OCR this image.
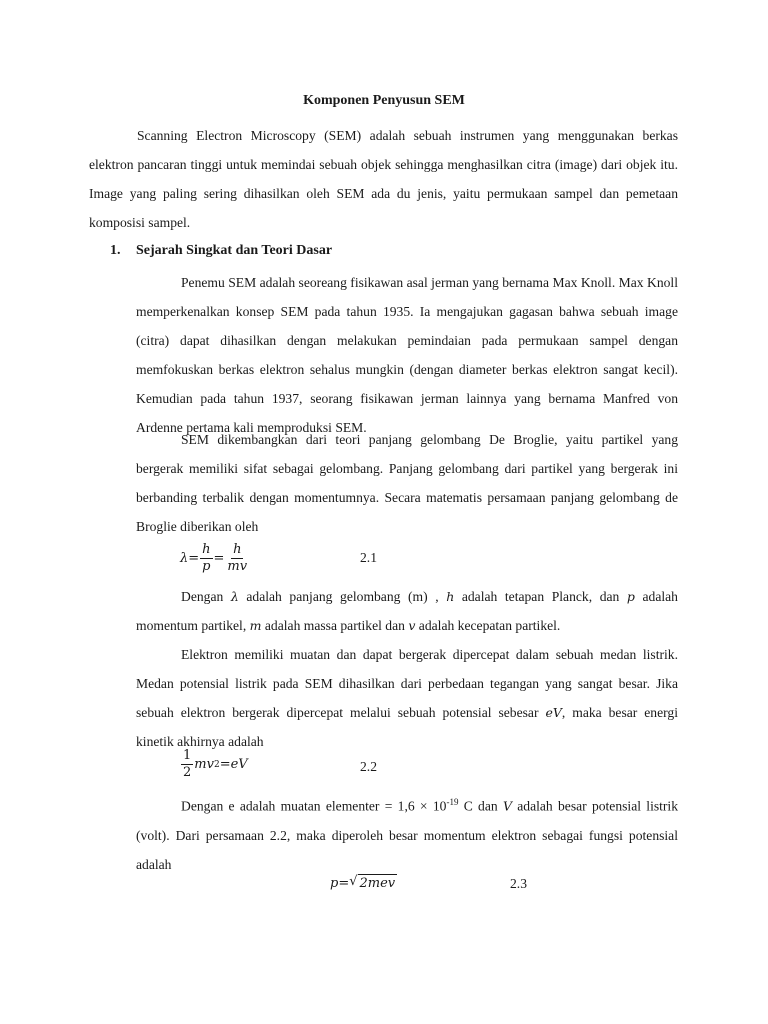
Komponen Penyusun SEM

Scanning Electron Microscopy (SEM) adalah sebuah instrumen yang menggunakan berkas elektron pancaran tinggi untuk memindai sebuah objek sehingga menghasilkan citra (image) dari objek itu. Image yang paling sering dihasilkan oleh SEM ada du jenis, yaitu permukaan sampel dan pemetaan komposisi sampel.

1. Sejarah Singkat dan Teori Dasar

Penemu SEM adalah seoreang fisikawan asal jerman yang bernama Max Knoll. Max Knoll memperkenalkan konsep SEM pada tahun 1935. Ia mengajukan gagasan bahwa sebuah image (citra) dapat dihasilkan dengan melakukan pemindaian pada permukaan sampel dengan memfokuskan berkas elektron sehalus mungkin (dengan diameter berkas elektron sangat kecil). Kemudian pada tahun 1937, seorang fisikawan jerman lainnya yang bernama Manfred von Ardenne pertama kali memproduksi SEM.

SEM dikembangkan dari teori panjang gelombang De Broglie, yaitu partikel yang bergerak memiliki sifat sebagai gelombang. Panjang gelombang dari partikel yang bergerak ini berbanding terbalik dengan momentumnya. Secara matematis persamaan panjang gelombang de Broglie diberikan oleh

$\lambda= \frac{h}{p} = \frac{h}{mv}$	2.1

Dengan λ adalah panjang gelombang (m) , h adalah tetapan Planck, dan p adalah momentum partikel, m adalah massa partikel dan v adalah kecepatan partikel.

Elektron memiliki muatan dan dapat bergerak dipercepat dalam sebuah medan listrik. Medan potensial listrik pada SEM dihasilkan dari perbedaan tegangan yang sangat besar. Jika sebuah elektron bergerak dipercepat melalui sebuah potensial sebesar eV, maka besar energi kinetik akhirnya adalah

$\frac{1}{2}$ mv 2 =eV	2.2

Dengan e adalah muatan elementer = $1,6 \times 10^{-19}$ C dan V adalah besar potensial listrik (volt). Dari persamaan 2.2, maka diperoleh besar momentum elektron sebagai fungsi potensial adalah

p= √ 2mev	2.3
